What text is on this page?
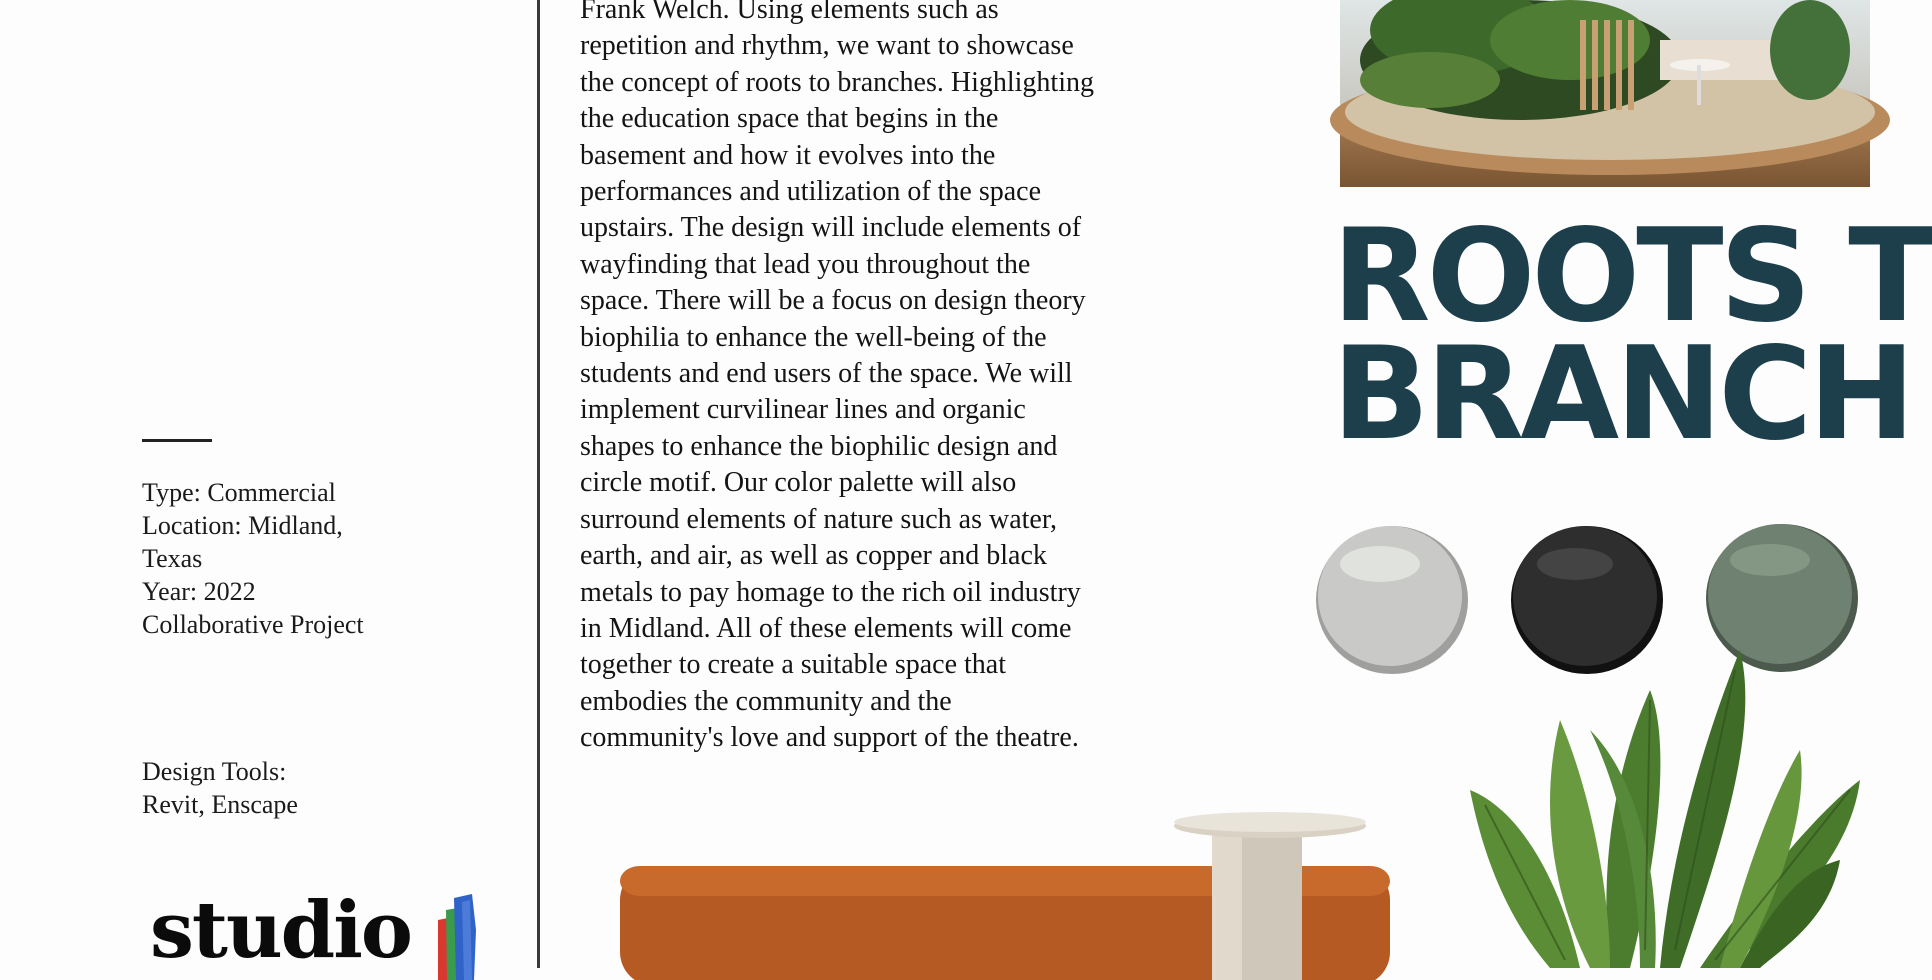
Type: Commercial
Location: Midland,
Texas
Year: 2022
Collaborative Project
Design Tools:
Revit, Enscape
studio
Frank Welch. Using elements such as
repetition and rhythm, we want to showcase
the concept of roots to branches. Highlighting
the education space that begins in the
basement and how it evolves into the
performances and utilization of the space
upstairs. The design will include elements of
wayfinding that lead you throughout the
space. There will be a focus on design theory
biophilia to enhance the well-being of the
students and end users of the space. We will
implement curvilinear lines and organic
shapes to enhance the biophilic design and
circle motif. Our color palette will also
surround elements of nature such as water,
earth, and air, as well as copper and black
metals to pay homage to the rich oil industry
in Midland. All of these elements will come
together to create a suitable space that
embodies the community and the
community's love and support of the theatre.
ROOTS T
BRANCH
